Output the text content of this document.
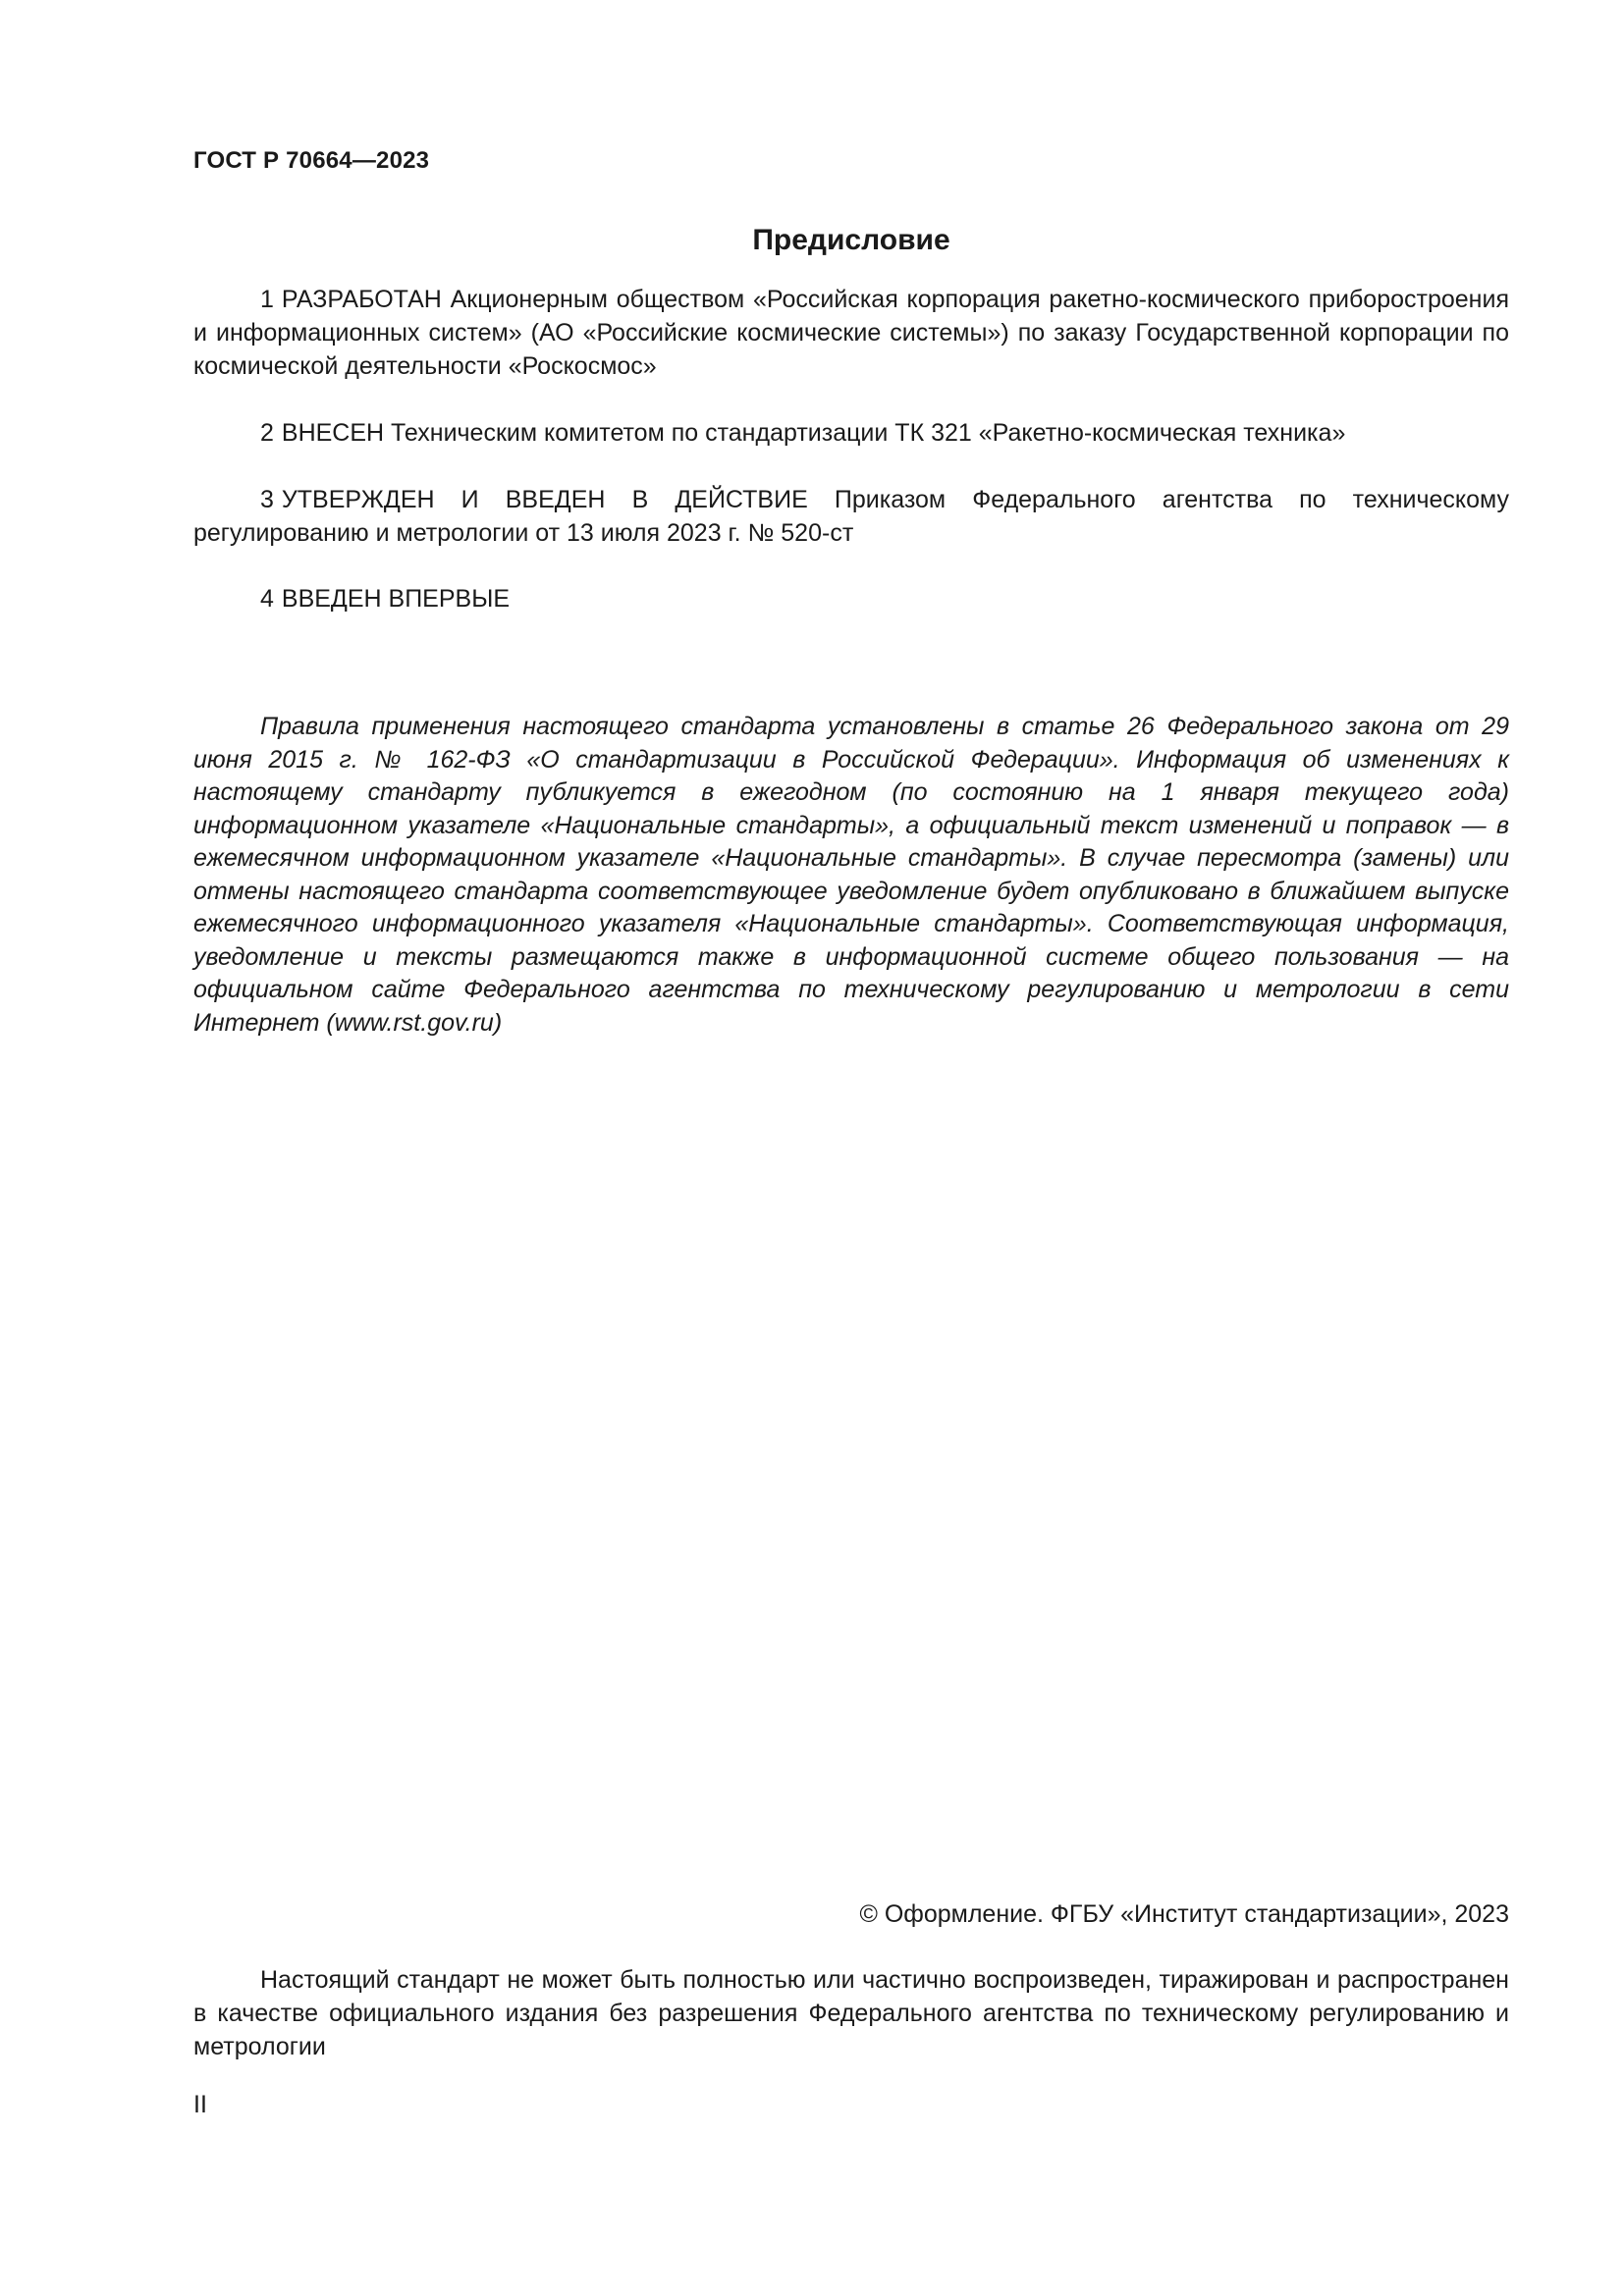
ГОСТ Р 70664—2023
Предисловие

1 РАЗРАБОТАН Акционерным обществом «Российская корпорация ракетно-космического приборостроения и информационных систем» (АО «Российские космические системы») по заказу Государственной корпорации по космической деятельности «Роскосмос»

2 ВНЕСЕН Техническим комитетом по стандартизации ТК 321 «Ракетно-космическая техника»

3 УТВЕРЖДЕН И ВВЕДЕН В ДЕЙСТВИЕ Приказом Федерального агентства по техническому регулированию и метрологии от 13 июля 2023 г. № 520-ст

4 ВВЕДЕН ВПЕРВЫЕ

Правила применения настоящего стандарта установлены в статье 26 Федерального закона от 29 июня 2015 г. № 162-ФЗ «О стандартизации в Российской Федерации». Информация об изменениях к настоящему стандарту публикуется в ежегодном (по состоянию на 1 января текущего года) информационном указателе «Национальные стандарты», а официальный текст изменений и поправок — в ежемесячном информационном указателе «Национальные стандарты». В случае пересмотра (замены) или отмены настоящего стандарта соответствующее уведомление будет опубликовано в ближайшем выпуске ежемесячного информационного указателя «Национальные стандарты». Соответствующая информация, уведомление и тексты размещаются также в информационной системе общего пользования — на официальном сайте Федерального агентства по техническому регулированию и метрологии в сети Интернет (www.rst.gov.ru)

© Оформление. ФГБУ «Институт стандартизации», 2023

Настоящий стандарт не может быть полностью или частично воспроизведен, тиражирован и распространен в качестве официального издания без разрешения Федерального агентства по техническому регулированию и метрологии

II
